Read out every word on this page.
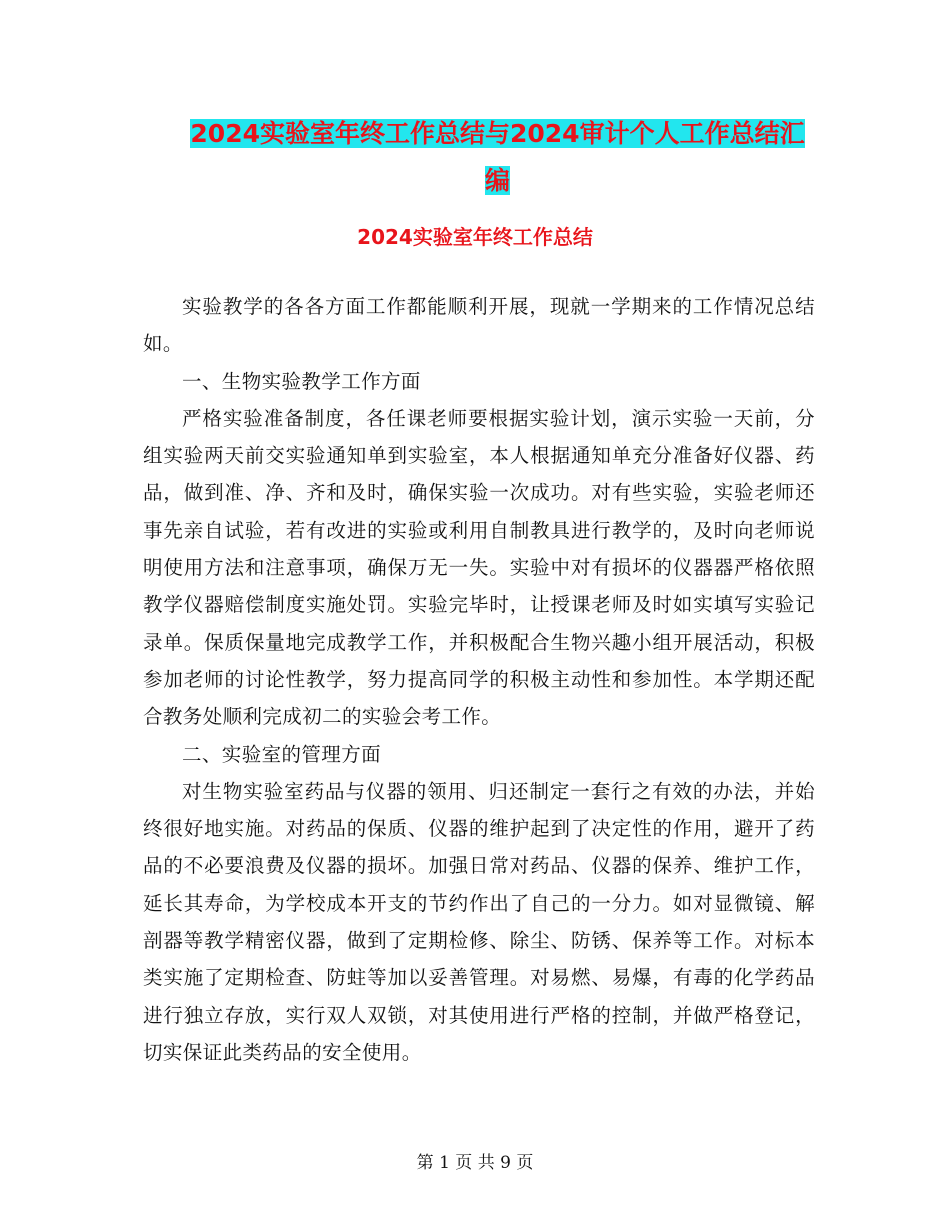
2024实验室年终工作总结与2024审计个人工作总结汇编
2024实验室年终工作总结

实验教学的各各方面工作都能顺利开展，现就一学期来的工作情况总结如。

一、生物实验教学工作方面

严格实验准备制度，各任课老师要根据实验计划，演示实验一天前，分组实验两天前交实验通知单到实验室，本人根据通知单充分准备好仪器、药品，做到准、净、齐和及时，确保实验一次成功。对有些实验，实验老师还事先亲自试验，若有改进的实验或利用自制教具进行教学的，及时向老师说明使用方法和注意事项，确保万无一失。实验中对有损坏的仪器器严格依照教学仪器赔偿制度实施处罚。实验完毕时，让授课老师及时如实填写实验记录单。保质保量地完成教学工作，并积极配合生物兴趣小组开展活动，积极参加老师的讨论性教学，努力提高同学的积极主动性和参加性。本学期还配合教务处顺利完成初二的实验会考工作。

二、实验室的管理方面

对生物实验室药品与仪器的领用、归还制定一套行之有效的办法，并始终很好地实施。对药品的保质、仪器的维护起到了决定性的作用，避开了药品的不必要浪费及仪器的损坏。加强日常对药品、仪器的保养、维护工作，延长其寿命，为学校成本开支的节约作出了自己的一分力。如对显微镜、解剖器等教学精密仪器，做到了定期检修、除尘、防锈、保养等工作。对标本类实施了定期检查、防蛀等加以妥善管理。对易燃、易爆，有毒的化学药品进行独立存放，实行双人双锁，对其使用进行严格的控制，并做严格登记，切实保证此类药品的安全使用。

第 1 页 共 9 页
